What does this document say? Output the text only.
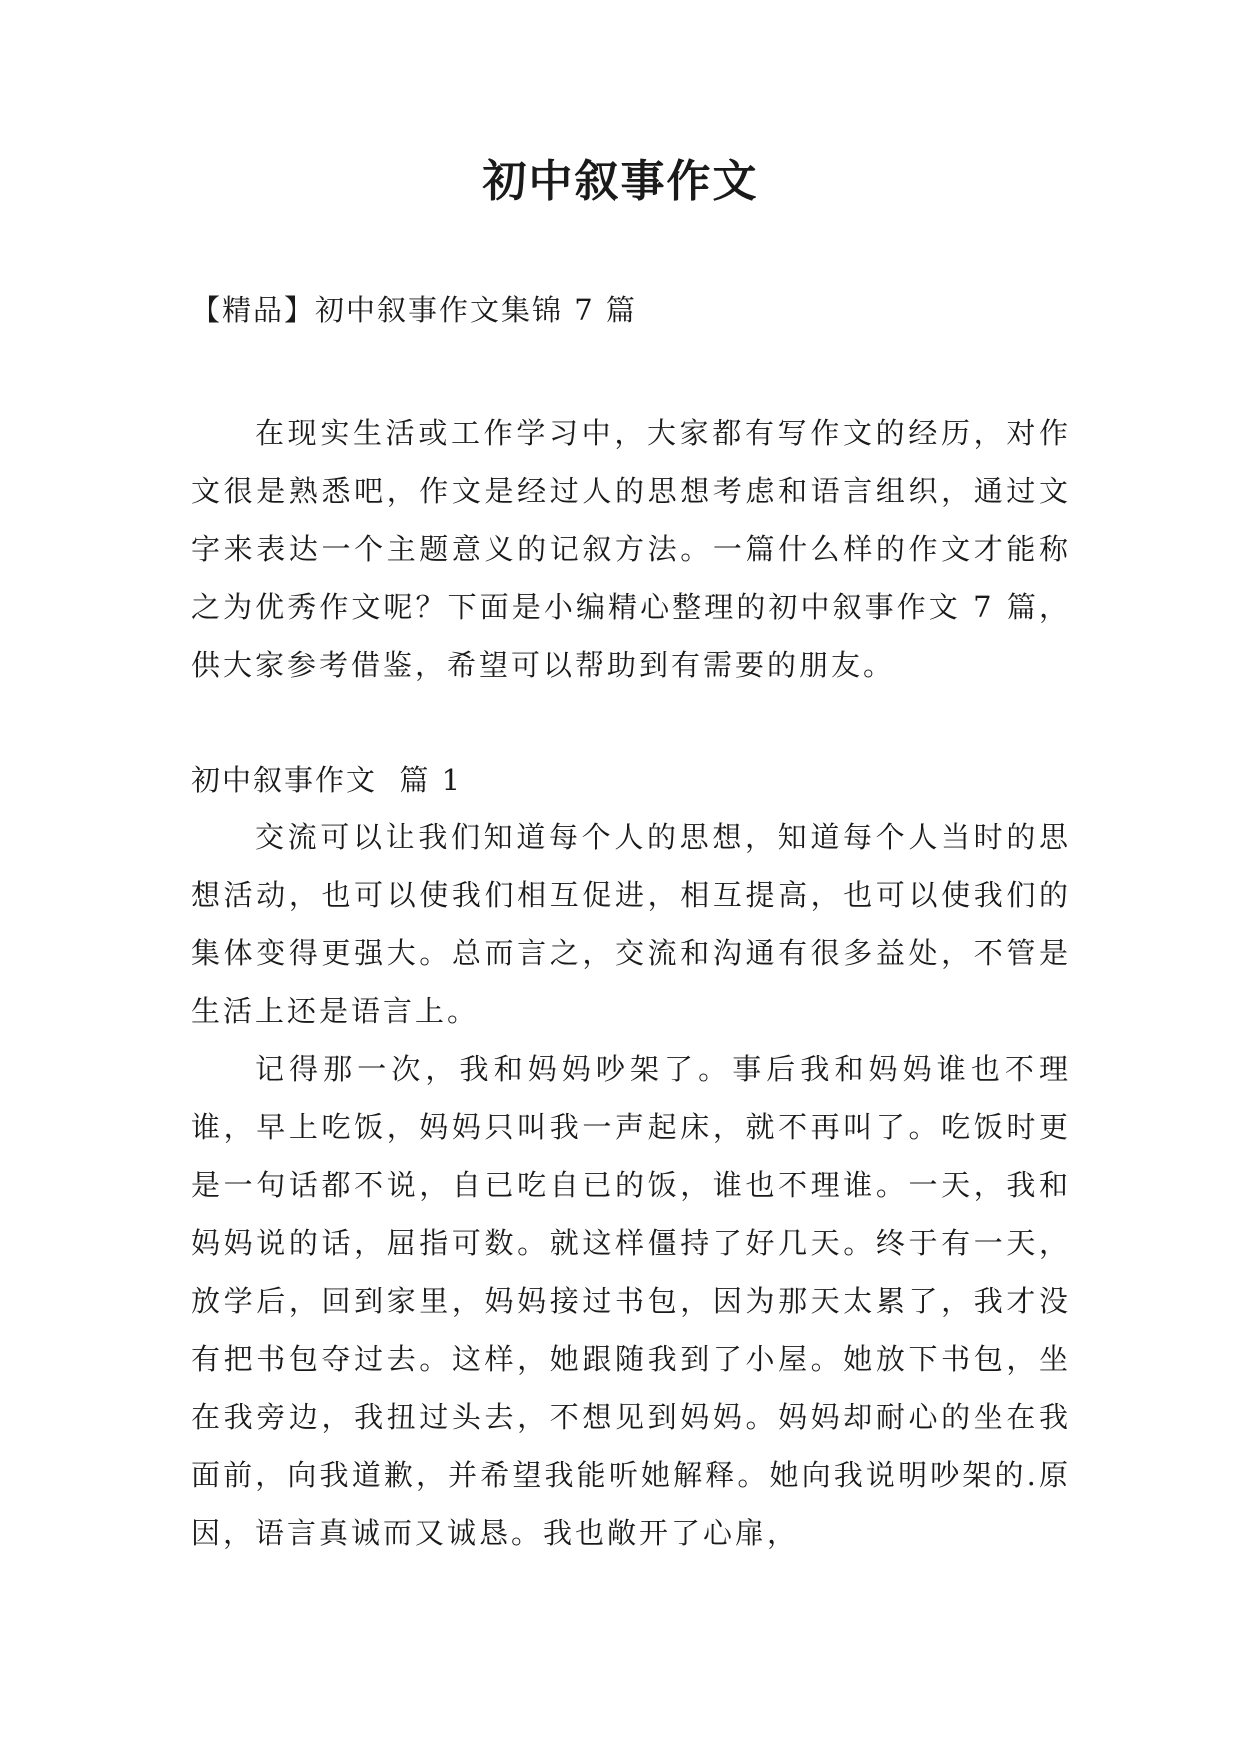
初中叙事作文
【精品】初中叙事作文集锦 7 篇

在现实生活或工作学习中，大家都有写作文的经历，对作文很是熟悉吧，作文是经过人的思想考虑和语言组织，通过文字来表达一个主题意义的记叙方法。一篇什么样的作文才能称之为优秀作文呢？下面是小编精心整理的初中叙事作文 7 篇，供大家参考借鉴，希望可以帮助到有需要的朋友。

初中叙事作文  篇 1

交流可以让我们知道每个人的思想，知道每个人当时的思想活动，也可以使我们相互促进，相互提高，也可以使我们的集体变得更强大。总而言之，交流和沟通有很多益处，不管是生活上还是语言上。

记得那一次，我和妈妈吵架了。事后我和妈妈谁也不理谁，早上吃饭，妈妈只叫我一声起床，就不再叫了。吃饭时更是一句话都不说，自已吃自已的饭，谁也不理谁。一天，我和妈妈说的话，屈指可数。就这样僵持了好几天。终于有一天，放学后，回到家里，妈妈接过书包，因为那天太累了，我才没有把书包夺过去。这样，她跟随我到了小屋。她放下书包，坐在我旁边，我扭过头去，不想见到妈妈。妈妈却耐心的坐在我面前，向我道歉，并希望我能听她解释。她向我说明吵架的.原因，语言真诚而又诚恳。我也敞开了心扉，
